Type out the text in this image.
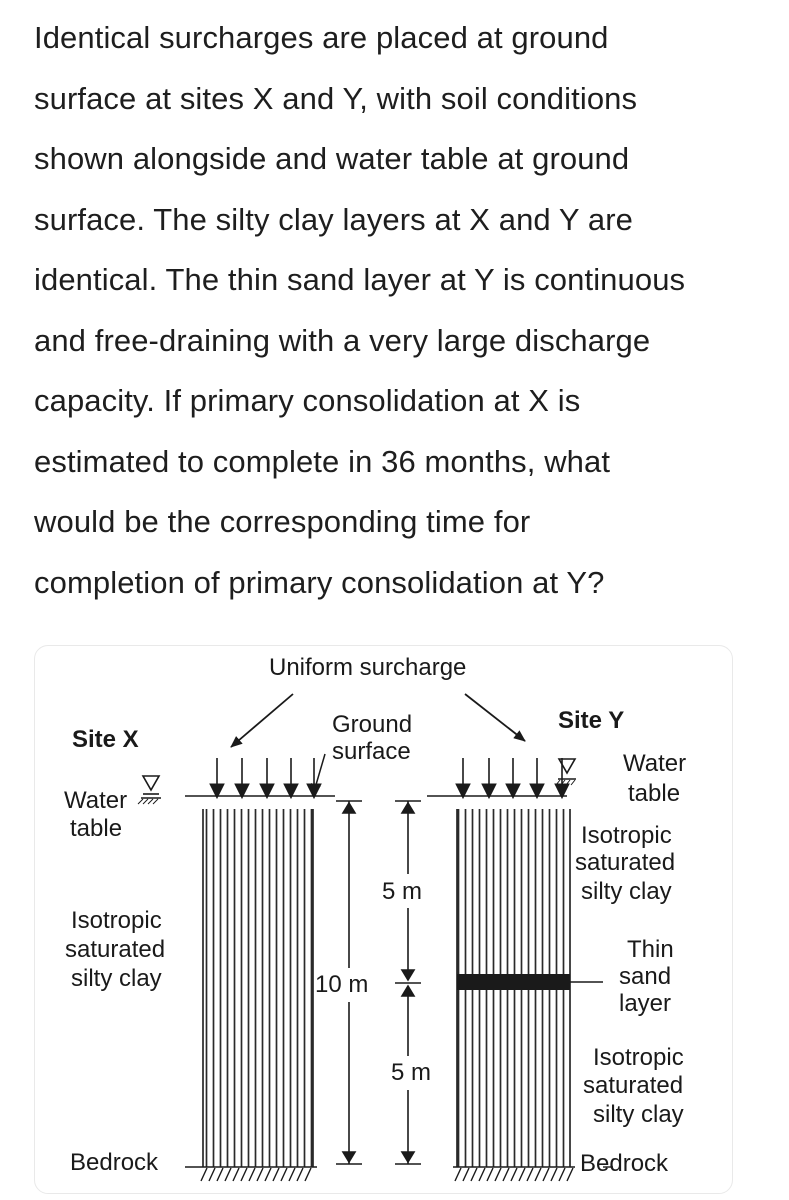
Identical surcharges are placed at ground
surface at sites X and Y, with soil conditions
shown alongside and water table at ground
surface. The silty clay layers at X and Y are
identical. The thin sand layer at Y is continuous
and free-draining with a very large discharge
capacity. If primary consolidation at X is
estimated to complete in 36 months, what
would be the corresponding time for
completion of primary consolidation at Y?
Uniform surcharge
Ground
surface
Site X
Water
table
Isotropic
saturated
silty clay
Bedrock
Site Y
Water
table
Isotropic
saturated
silty clay
Thin
sand
layer
Isotropic
saturated
silty clay
Bedrock
10 m
5 m
5 m
